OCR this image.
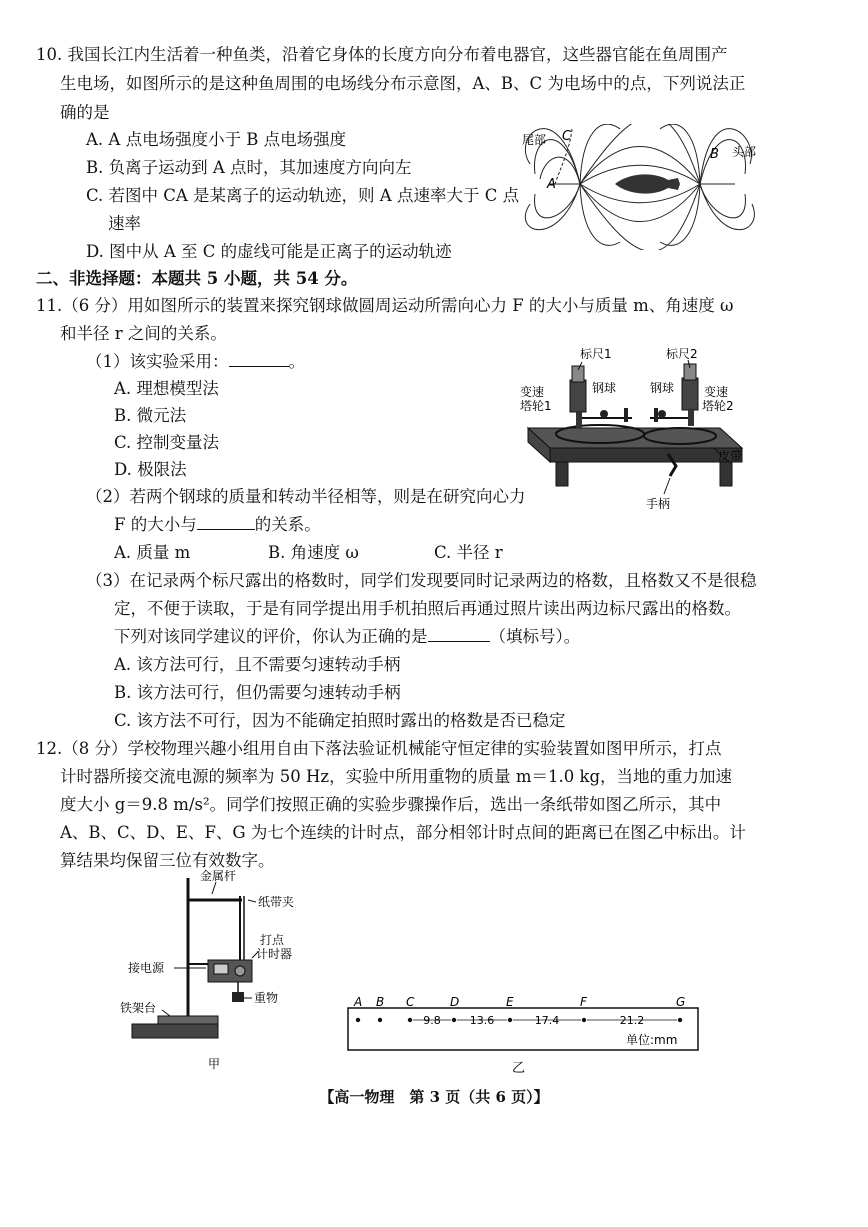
10. 我国长江内生活着一种鱼类，沿着它身体的长度方向分布着电器官，这些器官能在鱼周围产
生电场，如图所示的是这种鱼周围的电场线分布示意图，A、B、C 为电场中的点，下列说法正
确的是
A. A 点电场强度小于 B 点电场强度
B. 负离子运动到 A 点时，其加速度方向向左
C. 若图中 CA 是某离子的运动轨迹，则 A 点速率大于 C 点
速率
D. 图中从 A 至 C 的虚线可能是正离子的运动轨迹
尾部 C
A
B 头部
二、非选择题：本题共 5 小题，共 54 分。
11.（6 分）用如图所示的装置来探究钢球做圆周运动所需向心力 F 的大小与质量 m、角速度 ω
和半径 r 之间的关系。
（1）该实验采用：	。
A. 理想模型法
B. 微元法
C. 控制变量法
D. 极限法
（2）若两个钢球的质量和转动半径相等，则是在研究向心力
F 的大小与	的关系。
A. 质量 m	B. 角速度 ω	C. 半径 r
（3）在记录两个标尺露出的格数时，同学们发现要同时记录两边的格数，且格数又不是很稳
定，不便于读取，于是有同学提出用手机拍照后再通过照片读出两边标尺露出的格数。
下列对该同学建议的评价，你认为正确的是	（填标号）。
A. 该方法可行，且不需要匀速转动手柄
B. 该方法可行，但仍需要匀速转动手柄
C. 该方法不可行，因为不能确定拍照时露出的格数是否已稳定
标尺1	标尺2
钢球	钢球
变速
塔轮1
变速
塔轮2
皮带
手柄
12.（8 分）学校物理兴趣小组用自由下落法验证机械能守恒定律的实验装置如图甲所示，打点
计时器所接交流电源的频率为 50 Hz，实验中所用重物的质量 m＝1.0 kg，当地的重力加速
度大小 g＝9.8 m/s²。同学们按照正确的实验步骤操作后，选出一条纸带如图乙所示，其中
A、B、C、D、E、F、G 为七个连续的计时点，部分相邻计时点间的距离已在图乙中标出。计
算结果均保留三位有效数字。
金属杆
纸带夹
打点
计时器
接电源
重物
铁架台
甲
A B C	D	E	F	G
9.8	13.6	17.4	21.2
单位:mm
乙
【高一物理　第 3 页（共 6 页）】
